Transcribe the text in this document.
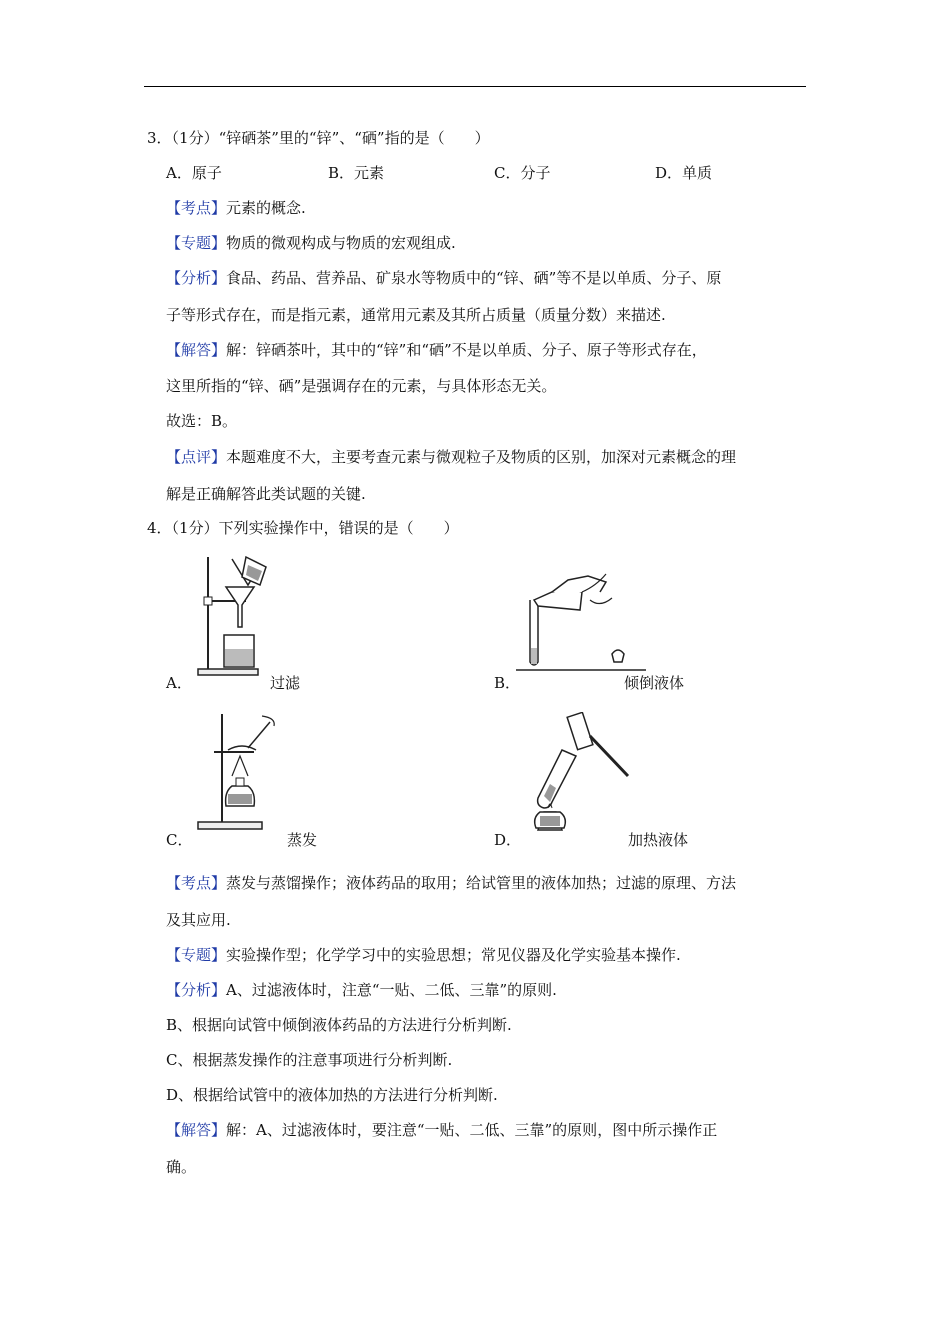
3．（1分）“锌硒茶”里的“锌”、“硒”指的是（　　）
A．原子	B．元素	C．分子	D．单质
【考点】元素的概念.
【专题】物质的微观构成与物质的宏观组成.
【分析】食品、药品、营养品、矿泉水等物质中的“锌、硒”等不是以单质、分子、原
子等形式存在，而是指元素，通常用元素及其所占质量（质量分数）来描述.
【解答】解：锌硒茶叶，其中的“锌”和“硒”不是以单质、分子、原子等形式存在，
这里所指的“锌、硒”是强调存在的元素，与具体形态无关。
故选：B。
【点评】本题难度不大，主要考查元素与微观粒子及物质的区别，加深对元素概念的理
解是正确解答此类试题的关键.
4．（1分）下列实验操作中，错误的是（　　）
A．	过滤	B．	倾倒液体
C．	蒸发	D．	加热液体
【考点】蒸发与蒸馏操作；液体药品的取用；给试管里的液体加热；过滤的原理、方法
及其应用.
【专题】实验操作型；化学学习中的实验思想；常见仪器及化学实验基本操作.
【分析】A、过滤液体时，注意“一贴、二低、三靠”的原则.
B、根据向试管中倾倒液体药品的方法进行分析判断.
C、根据蒸发操作的注意事项进行分析判断.
D、根据给试管中的液体加热的方法进行分析判断.
【解答】解：A、过滤液体时，要注意“一贴、二低、三靠”的原则，图中所示操作正
确。
